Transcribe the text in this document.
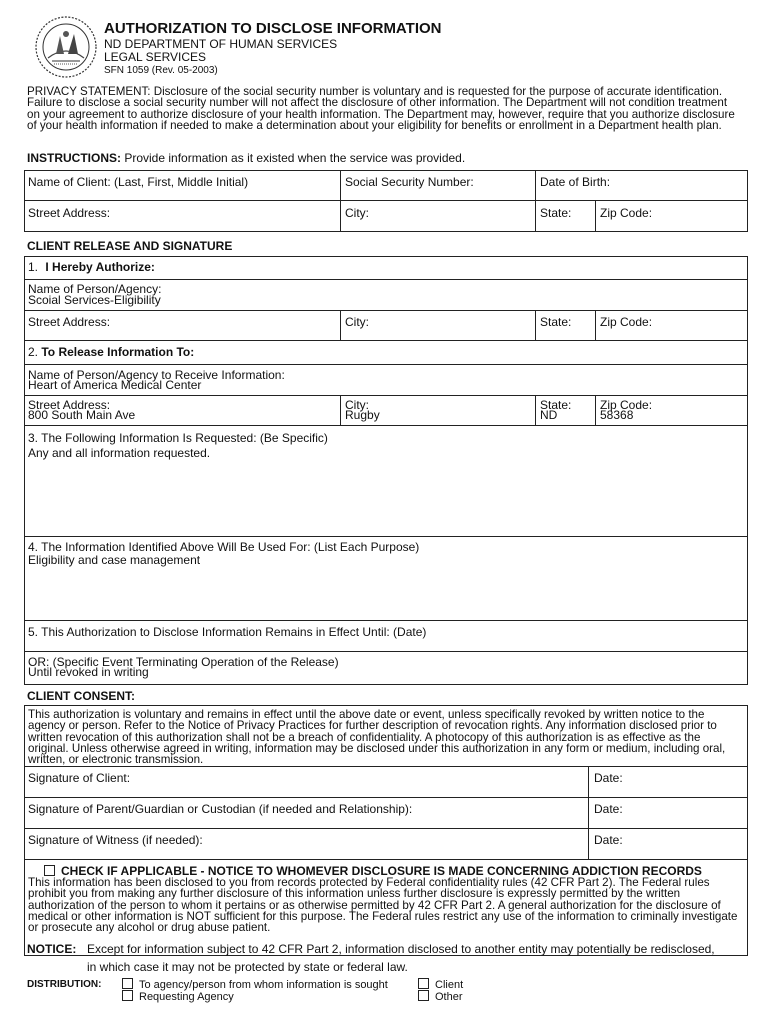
AUTHORIZATION TO DISCLOSE INFORMATION
ND DEPARTMENT OF HUMAN SERVICES
LEGAL SERVICES
SFN 1059 (Rev. 05-2003)
PRIVACY STATEMENT: Disclosure of the social security number is voluntary and is requested for the purpose of accurate identification. Failure to disclose a social security number will not affect the disclosure of other information. The Department will not condition treatment on your agreement to authorize disclosure of your health information. The Department may, however, require that you authorize disclosure of your health information if needed to make a determination about your eligibility for benefits or enrollment in a Department health plan.
INSTRUCTIONS: Provide information as it existed when the service was provided.
Name of Client: (Last, First, Middle Initial)	Social Security Number:	Date of Birth:
Street Address:	City:	State: Zip Code:
CLIENT RELEASE AND SIGNATURE
1. I Hereby Authorize:
Name of Person/Agency:
Scoial Services-Eligibility
Street Address:	City:	State: Zip Code:
2. To Release Information To:
Name of Person/Agency to Receive Information:
Heart of America Medical Center
Street Address:
800 South Main Ave
City:
Rugby
State:
ND
Zip Code:
58368
3. The Following Information Is Requested: (Be Specific)
Any and all information requested.
4. The Information Identified Above Will Be Used For: (List Each Purpose)
Eligibility and case management
5. This Authorization to Disclose Information Remains in Effect Until: (Date)
OR: (Specific Event Terminating Operation of the Release)
Until revoked in writing
CLIENT CONSENT:
This authorization is voluntary and remains in effect until the above date or event, unless specifically revoked by written notice to the agency or person. Refer to the Notice of Privacy Practices for further description of revocation rights. Any information disclosed prior to written revocation of this authorization shall not be a breach of confidentiality. A photocopy of this authorization is as effective as the original. Unless otherwise agreed in writing, information may be disclosed under this authorization in any form or medium, including oral, written, or electronic transmission.
Signature of Client:	Date:
Signature of Parent/Guardian or Custodian (if needed and Relationship):	Date:
Signature of Witness (if needed):	Date:
CHECK IF APPLICABLE - NOTICE TO WHOMEVER DISCLOSURE IS MADE CONCERNING ADDICTION RECORDS
This information has been disclosed to you from records protected by Federal confidentiality rules (42 CFR Part 2). The Federal rules prohibit you from making any further disclosure of this information unless further disclosure is expressly permitted by the written authorization of the person to whom it pertains or as otherwise permitted by 42 CFR Part 2. A general authorization for the disclosure of medical or other information is NOT sufficient for this purpose. The Federal rules restrict any use of the information to criminally investigate or prosecute any alcohol or drug abuse patient.
NOTICE: Except for information subject to 42 CFR Part 2, information disclosed to another entity may potentially be redisclosed,
in which case it may not be protected by state or federal law.
DISTRIBUTION:	To agency/person from whom information is sought
Requesting Agency
Client
Other
